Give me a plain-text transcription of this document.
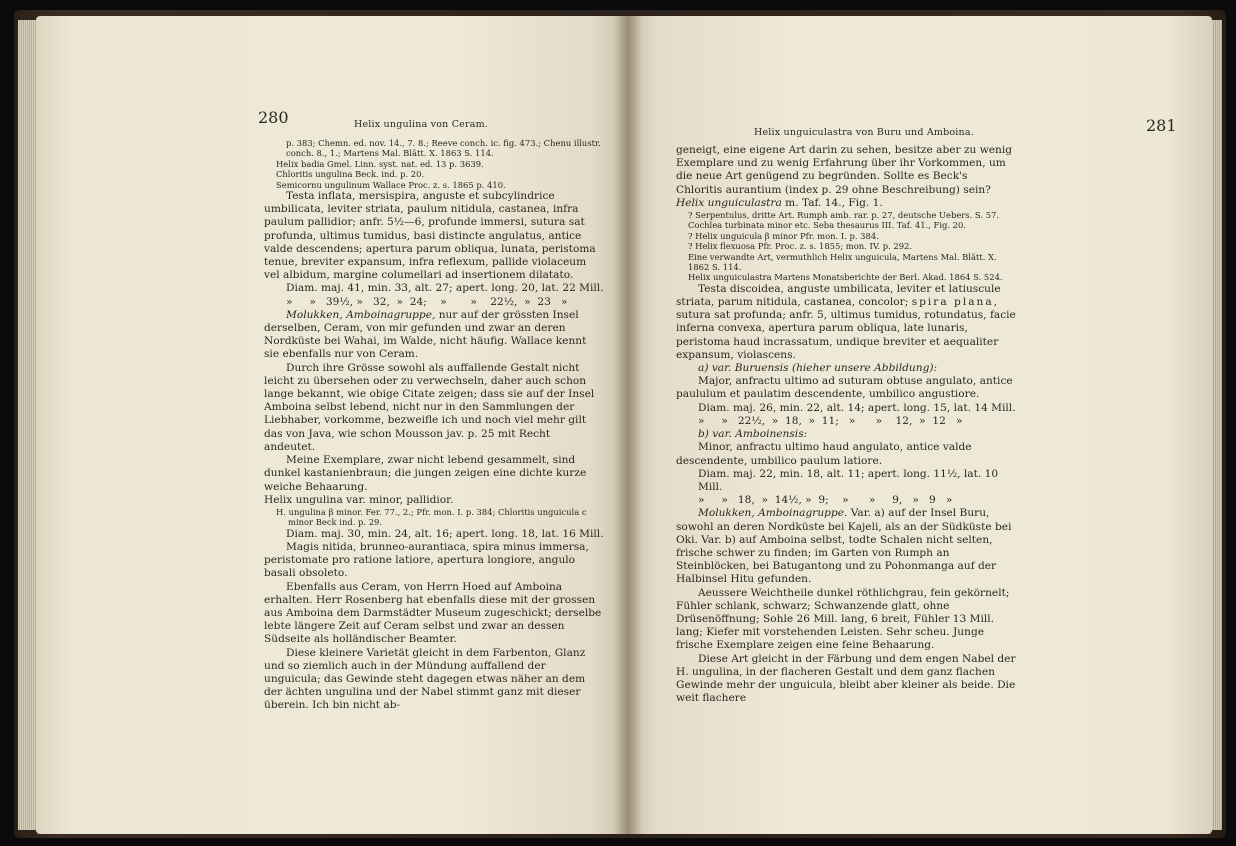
280	Helix ungulina von Ceram.

p. 383; Chemn. ed. nov. 14., 7. 8.; Reeve conch. ic. fig. 473.; Chenu illustr.

conch. 8., 1.; Martens Mal. Blätt. X. 1863 S. 114.

Helix badia Gmel. Linn. syst. nat. ed. 13 p. 3639.

Chloritis ungulina Beck. ind. p. 20.

Semicornu ungulinum Wallace Proc. z. s. 1865 p. 410.

Testa inflata, mersispira, anguste et subcylindrice umbilicata, leviter striata, paulum nitidula, castanea, infra paulum pallidior; anfr. 5½—6, profunde immersi, sutura sat profunda, ultimus tumidus, basi distincte angulatus, antice valde descendens; apertura parum obliqua, lunata, peristoma tenue, breviter expansum, infra reflexum, pallide violaceum vel albidum, margine columellari ad insertionem dilatato.

Diam. maj. 41, min. 33, alt. 27; apert. long. 20, lat. 22 Mill.

»     »   39½, »   32,  »  24;    »       »    22½,  »  23   »

Molukken, Amboinagruppe, nur auf der grössten Insel derselben, Ceram, von mir gefunden und zwar an deren Nordküste bei Wahai, im Walde, nicht häufig. Wallace kennt sie ebenfalls nur von Ceram.

Durch ihre Grösse sowohl als auffallende Gestalt nicht leicht zu übersehen oder zu verwechseln, daher auch schon lange bekannt, wie obige Citate zeigen; dass sie auf der Insel Amboina selbst lebend, nicht nur in den Sammlungen der Liebhaber, vorkomme, bezweifle ich und noch viel mehr gilt das von Java, wie schon Mousson jav. p. 25 mit Recht andeutet.

Meine Exemplare, zwar nicht lebend gesammelt, sind dunkel kastanienbraun; die jungen zeigen eine dichte kurze weiche Behaarung.

Helix ungulina var. minor, pallidior.

H. ungulina β minor. Fer. 77., 2.; Pfr. mon. I. p. 384; Chloritis unguicula c

minor Beck ind. p. 29.

Diam. maj. 30, min. 24, alt. 16; apert. long. 18, lat. 16 Mill.

Magis nitida, brunneo-aurantiaca, spira minus immersa, peristomate pro ratione latiore, apertura longiore, angulo basali obsoleto.

Ebenfalls aus Ceram, von Herrn Hoed auf Amboina erhalten. Herr Rosenberg hat ebenfalls diese mit der grossen aus Amboina dem Darmstädter Museum zugeschickt; derselbe lebte längere Zeit auf Ceram selbst und zwar an dessen Südseite als holländischer Beamter.

Diese kleinere Varietät gleicht in dem Farbenton, Glanz und so ziemlich auch in der Mündung auffallend der unguicula; das Gewinde steht dagegen etwas näher an dem der ächten ungulina und der Nabel stimmt ganz mit dieser überein. Ich bin nicht ab-

Helix unguiculastra von Buru und Amboina.	281

geneigt, eine eigene Art darin zu sehen, besitze aber zu wenig Exemplare und zu wenig Erfahrung über ihr Vorkommen, um die neue Art genügend zu begründen. Sollte es Beck's Chloritis aurantium (index p. 29 ohne Beschreibung) sein?

Helix unguiculastra m. Taf. 14., Fig. 1.

? Serpentulus, dritte Art. Rumph amb. rar. p. 27, deutsche Uebers. S. 57.

Cochlea turbinata minor etc. Seba thesaurus III. Taf. 41., Fig. 20.

? Helix unguicula β minor Pfr. mon. I. p. 384.

? Helix flexuosa Pfr. Proc. z. s. 1855; mon. IV. p. 292.

Eine verwandte Art, vermuthlich Helix unguicula, Martens Mal. Blätt. X. 1862 S. 114.

Helix unguiculastra Martens Monatsberichte der Berl. Akad. 1864 S. 524.

Testa discoidea, anguste umbilicata, leviter et latiuscule striata, parum nitidula, castanea, concolor; spira plana, sutura sat profunda; anfr. 5, ultimus tumidus, rotundatus, facie inferna convexa, apertura parum obliqua, late lunaris, peristoma haud incrassatum, undique breviter et aequaliter expansum, violascens.

a) var. Buruensis (hieher unsere Abbildung):

Major, anfractu ultimo ad suturam obtuse angulato, antice paululum et paulatim descendente, umbilico angustiore.

Diam. maj. 26, min. 22, alt. 14; apert. long. 15, lat. 14 Mill.

»     »   22½,  »  18,  »  11;   »      »    12,  »  12   »

b) var. Amboinensis:

Minor, anfractu ultimo haud angulato, antice valde descendente, umbilico paulum latiore.

Diam. maj. 22, min. 18, alt. 11; apert. long. 11½, lat. 10 Mill.

»     »   18,  »  14½, »  9;    »      »     9,   »   9   »

Molukken, Amboinagruppe. Var. a) auf der Insel Buru, sowohl an deren Nordküste bei Kajeli, als an der Südküste bei Oki. Var. b) auf Amboina selbst, todte Schalen nicht selten, frische schwer zu finden; im Garten von Rumph an Steinblöcken, bei Batugantong und zu Pohonmanga auf der Halbinsel Hitu gefunden.

Aeussere Weichtheile dunkel röthlichgrau, fein gekörnelt; Fühler schlank, schwarz; Schwanzende glatt, ohne Drüsenöffnung; Sohle 26 Mill. lang, 6 breit, Fühler 13 Mill. lang; Kiefer mit vorstehenden Leisten. Sehr scheu. Junge frische Exemplare zeigen eine feine Behaarung.

Diese Art gleicht in der Färbung und dem engen Nabel der H. ungulina, in der flacheren Gestalt und dem ganz flachen Gewinde mehr der unguicula, bleibt aber kleiner als beide. Die weit flachere
